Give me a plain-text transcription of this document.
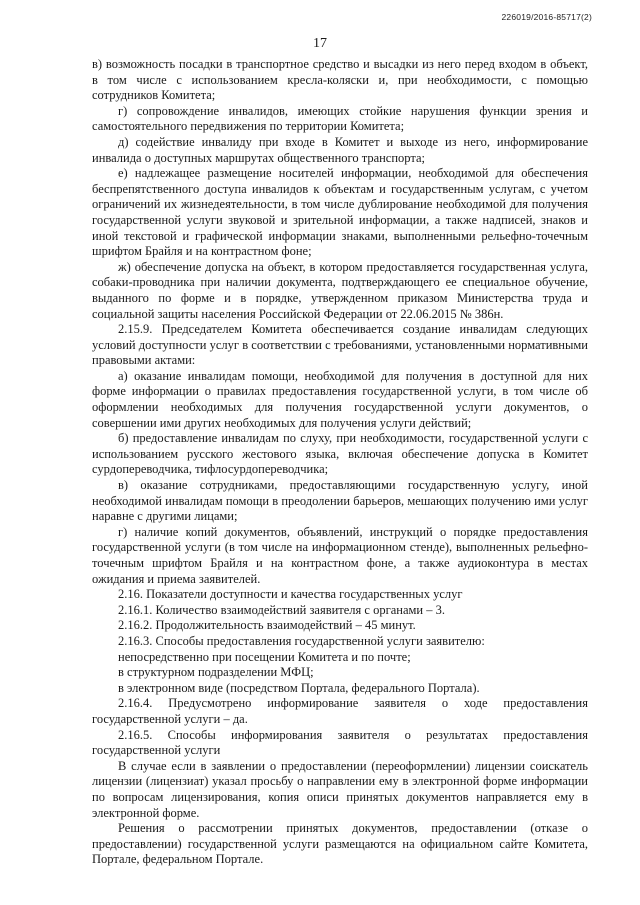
226019/2016-85717(2)
17

в) возможность посадки в транспортное средство и высадки из него перед входом в объект, в том числе с использованием кресла-коляски и, при необходимости, с помощью сотрудников Комитета;

г) сопровождение инвалидов, имеющих стойкие нарушения функции зрения и самостоятельного передвижения по территории Комитета;

д) содействие инвалиду при входе в Комитет и выходе из него, информирование инвалида о доступных маршрутах общественного транспорта;

е) надлежащее размещение носителей информации, необходимой для обеспечения беспрепятственного доступа инвалидов к объектам и государственным услугам, с учетом ограничений их жизнедеятельности, в том числе дублирование необходимой для получения государственной услуги звуковой и зрительной информации, а также надписей, знаков и иной текстовой и графической информации знаками, выполненными рельефно-точечным шрифтом Брайля и на контрастном фоне;

ж) обеспечение допуска на объект, в котором предоставляется государственная услуга, собаки-проводника при наличии документа, подтверждающего ее специальное обучение, выданного по форме и в порядке, утвержденном приказом Министерства труда и социальной защиты населения Российской Федерации от 22.06.2015 № 386н.

2.15.9. Председателем Комитета обеспечивается создание инвалидам следующих условий доступности услуг в соответствии с требованиями, установленными нормативными правовыми актами:

а) оказание инвалидам помощи, необходимой для получения в доступной для них форме информации о правилах предоставления государственной услуги, в том числе об оформлении необходимых для получения государственной услуги документов, о совершении ими других необходимых для получения услуги действий;

б) предоставление инвалидам по слуху, при необходимости, государственной услуги с использованием русского жестового языка, включая обеспечение допуска в Комитет сурдопереводчика, тифлосурдопереводчика;

в) оказание сотрудниками, предоставляющими государственную услугу, иной необходимой инвалидам помощи в преодолении барьеров, мешающих получению ими услуг наравне с другими лицами;

г) наличие копий документов, объявлений, инструкций о порядке предоставления государственной услуги (в том числе на информационном стенде), выполненных рельефно-точечным шрифтом Брайля и на контрастном фоне, а также аудиоконтура в местах ожидания и приема заявителей.

2.16. Показатели доступности и качества государственных услуг

2.16.1. Количество взаимодействий заявителя с органами – 3.

2.16.2. Продолжительность взаимодействий – 45 минут.

2.16.3. Способы предоставления государственной услуги заявителю:

непосредственно при посещении Комитета и по почте;

в структурном подразделении МФЦ;

в электронном виде (посредством Портала, федерального Портала).

2.16.4. Предусмотрено информирование заявителя о ходе предоставления государственной услуги – да.

2.16.5. Способы информирования заявителя о результатах предоставления государственной услуги

В случае если в заявлении о предоставлении (переоформлении) лицензии соискатель лицензии (лицензиат) указал просьбу о направлении ему в электронной форме информации по вопросам лицензирования, копия описи принятых документов направляется ему в электронной форме.

Решения о рассмотрении принятых документов, предоставлении (отказе о предоставлении) государственной услуги размещаются на официальном сайте Комитета, Портале, федеральном Портале.
